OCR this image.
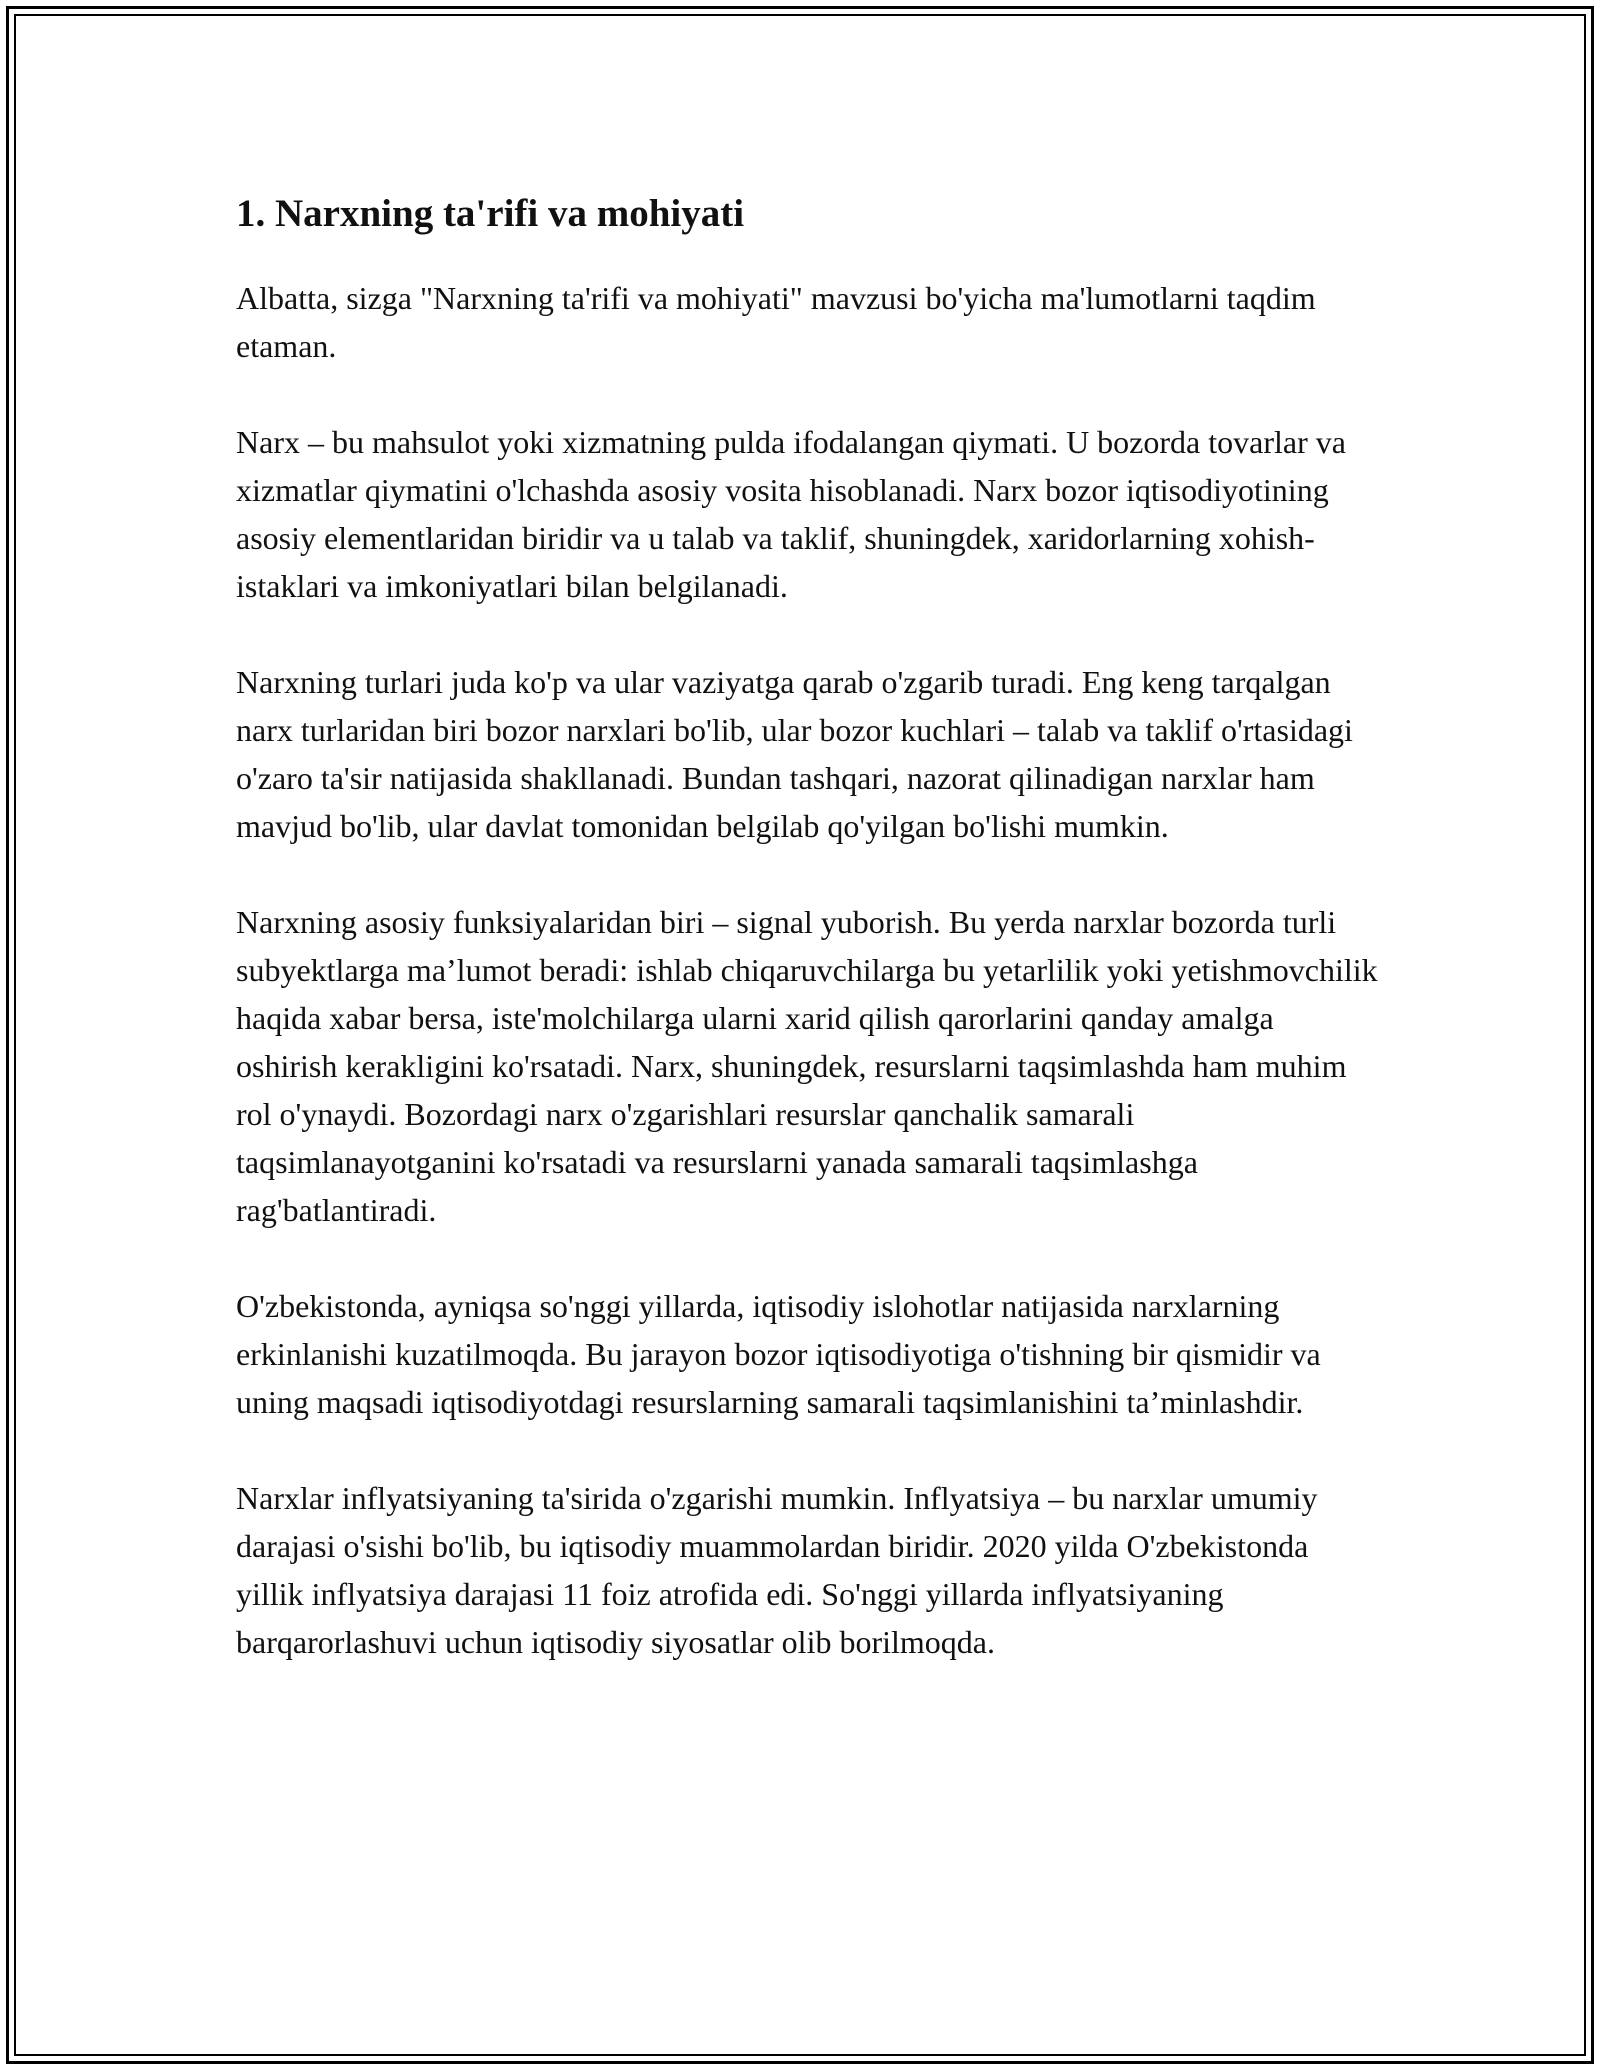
1. Narxning ta'rifi va mohiyati

Albatta, sizga "Narxning ta'rifi va mohiyati" mavzusi bo'yicha ma'lumotlarni taqdim etaman.

Narx – bu mahsulot yoki xizmatning pulda ifodalangan qiymati. U bozorda tovarlar va xizmatlar qiymatini o'lchashda asosiy vosita hisoblanadi. Narx bozor iqtisodiyotining asosiy elementlaridan biridir va u talab va taklif, shuningdek, xaridorlarning xohish-istaklari va imkoniyatlari bilan belgilanadi.

Narxning turlari juda ko'p va ular vaziyatga qarab o'zgarib turadi. Eng keng tarqalgan narx turlaridan biri bozor narxlari bo'lib, ular bozor kuchlari – talab va taklif o'rtasidagi o'zaro ta'sir natijasida shakllanadi. Bundan tashqari, nazorat qilinadigan narxlar ham mavjud bo'lib, ular davlat tomonidan belgilab qo'yilgan bo'lishi mumkin.

Narxning asosiy funksiyalaridan biri – signal yuborish. Bu yerda narxlar bozorda turli subyektlarga ma’lumot beradi: ishlab chiqaruvchilarga bu yetarlilik yoki yetishmovchilik haqida xabar bersa, iste'molchilarga ularni xarid qilish qarorlarini qanday amalga oshirish kerakligini ko'rsatadi. Narx, shuningdek, resurslarni taqsimlashda ham muhim rol o'ynaydi. Bozordagi narx o'zgarishlari resurslar qanchalik samarali taqsimlanayotganini ko'rsatadi va resurslarni yanada samarali taqsimlashga rag'batlantiradi.

O'zbekistonda, ayniqsa so'nggi yillarda, iqtisodiy islohotlar natijasida narxlarning erkinlanishi kuzatilmoqda. Bu jarayon bozor iqtisodiyotiga o'tishning bir qismidir va uning maqsadi iqtisodiyotdagi resurslarning samarali taqsimlanishini ta’minlashdir.

Narxlar inflyatsiyaning ta'sirida o'zgarishi mumkin. Inflyatsiya – bu narxlar umumiy darajasi o'sishi bo'lib, bu iqtisodiy muammolardan biridir. 2020 yilda O'zbekistonda yillik inflyatsiya darajasi 11 foiz atrofida edi. So'nggi yillarda inflyatsiyaning barqarorlashuvi uchun iqtisodiy siyosatlar olib borilmoqda.
